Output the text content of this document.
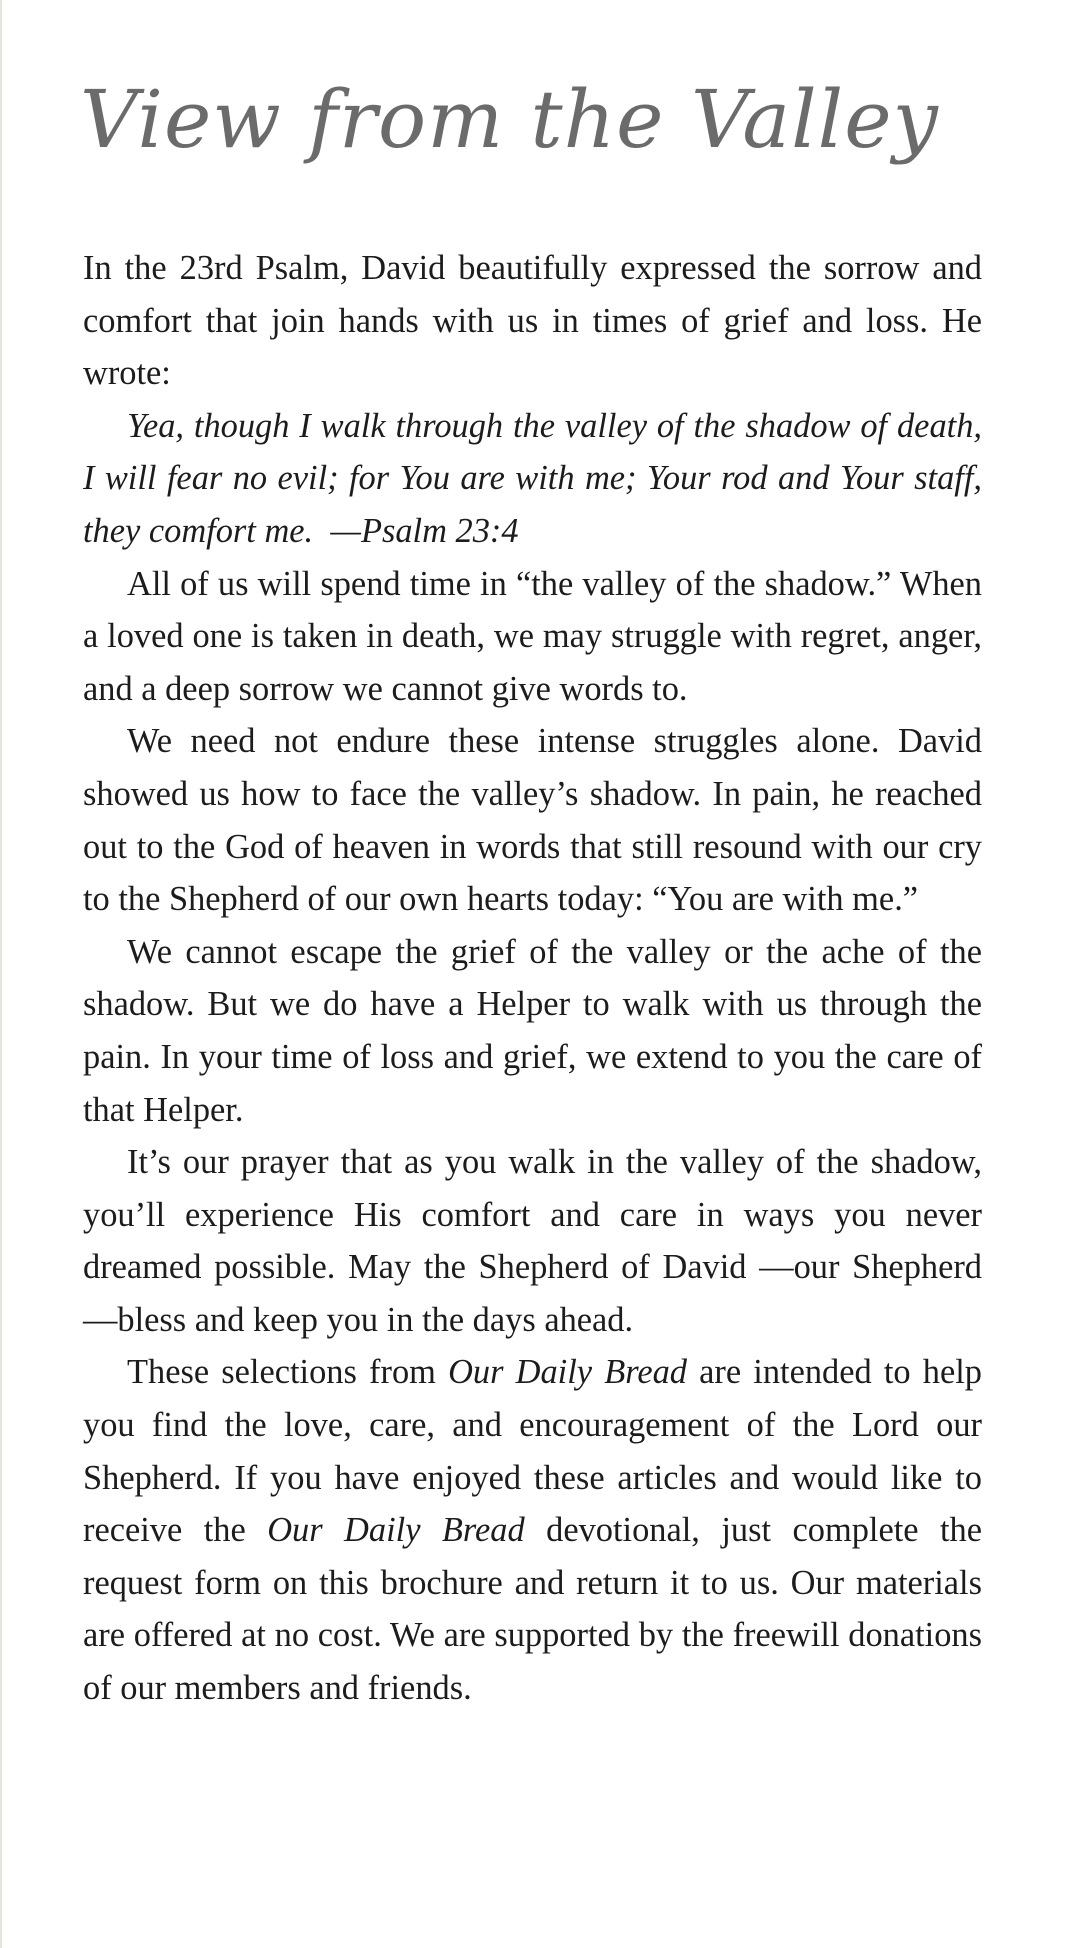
View from the Valley

In the 23rd Psalm, David beautifully expressed the sorrow and comfort that join hands with us in times of grief and loss. He wrote:

Yea, though I walk through the valley of the shadow of death, I will fear no evil; for You are with me; Your rod and Your staff, they comfort me. —Psalm 23:4

All of us will spend time in “the valley of the shadow.” When a loved one is taken in death, we may struggle with regret, anger, and a deep sorrow we cannot give words to.

We need not endure these intense struggles alone. David showed us how to face the valley’s shadow. In pain, he reached out to the God of heaven in words that still resound with our cry to the Shepherd of our own hearts today: “You are with me.”

We cannot escape the grief of the valley or the ache of the shadow. But we do have a Helper to walk with us through the pain. In your time of loss and grief, we extend to you the care of that Helper.

It’s our prayer that as you walk in the valley of the shadow, you’ll experience His comfort and care in ways you never dreamed possible. May the Shepherd of David —our Shepherd—bless and keep you in the days ahead.

These selections from Our Daily Bread are intended to help you find the love, care, and encouragement of the Lord our Shepherd. If you have enjoyed these articles and would like to receive the Our Daily Bread devotional, just complete the request form on this brochure and return it to us. Our materials are offered at no cost. We are supported by the freewill donations of our members and friends.
